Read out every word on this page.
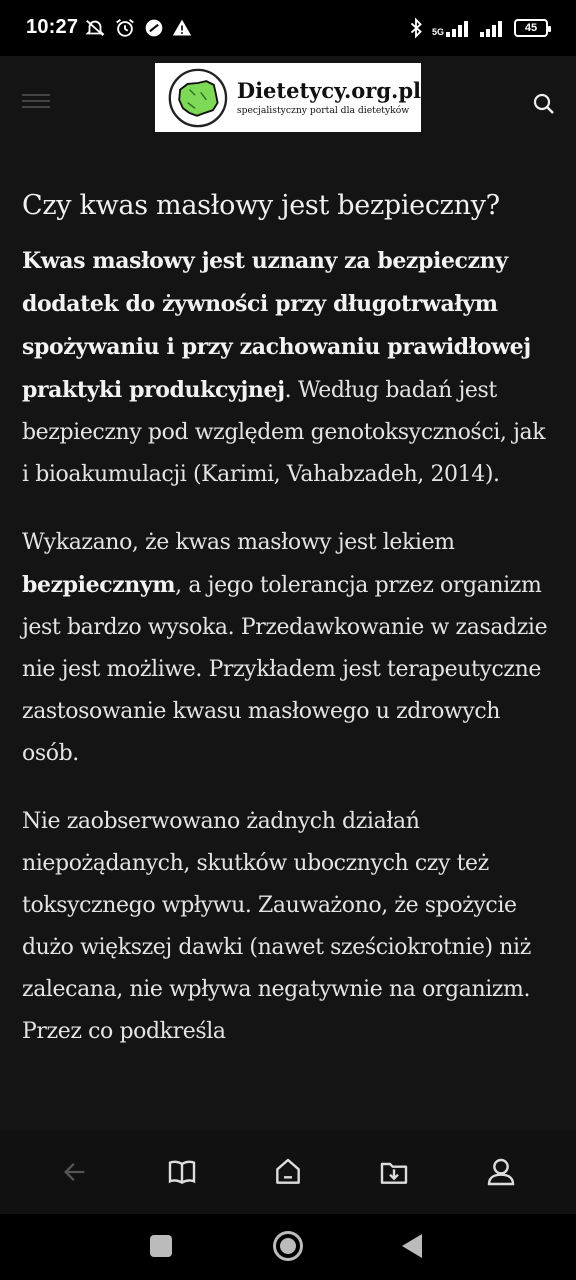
10:27	5G	45
Dietetycy.org.pl
specjalistyczny portal dla dietetyków
Czy kwas masłowy jest bezpieczny?

Kwas masłowy jest uznany za bezpieczny dodatek do żywności przy długotrwałym spożywaniu i przy zachowaniu prawidłowej praktyki produkcyjnej. Według badań jest bezpieczny pod względem genotoksyczności, jak i bioakumulacji (Karimi, Vahabzadeh, 2014).

Wykazano, że kwas masłowy jest lekiem bezpiecznym, a jego tolerancja przez organizm jest bardzo wysoka. Przedawkowanie w zasadzie nie jest możliwe. Przykładem jest terapeutyczne zastosowanie kwasu masłowego u zdrowych osób.

Nie zaobserwowano żadnych działań niepożądanych, skutków ubocznych czy też toksycznego wpływu. Zauważono, że spożycie dużo większej dawki (nawet sześciokrotnie) niż zalecana, nie wpływa negatywnie na organizm. Przez co podkreśla
